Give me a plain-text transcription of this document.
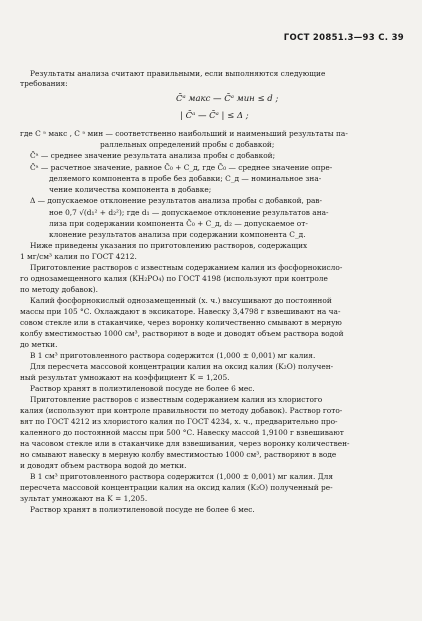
ГОСТ 20851.3—93 С. 39
Результаты анализа считают правильными, если выполняются следующие
требования:
C̄ᵃ макс — C̄ᵃ мин ≤ d ;
| C̄ᵃ — C̄ᵃ | ≤ Δ ;
где C ᵃ макс , C ᵃ мин — соответственно наибольший и наименьший результаты па-
раллельных определений пробы с добавкой;
C̄ᵃ — среднее значение результата анализа пробы с добавкой;
C̄ᵃ — расчетное значение, равное C̄₀ + C_д, где C̄₀ — среднее значение опре-
деляемого компонента в пробе без добавки; C_д — номинальное зна-
чение количества компонента в добавке;
Δ — допускаемое отклонение результатов анализа пробы с добавкой, рав-
ное 0,7 √(d₁² + d₂²); где d₁ — допускаемое отклонение результатов ана-
лиза при содержании компонента C̄₀ + C_д, d₂ — допускаемое от-
клонение результатов анализа при содержании компонента C_д.
Ниже приведены указания по приготовлению растворов, содержащих
1 мг/см³ калия по ГОСТ 4212.
Приготовление растворов с известным содержанием калия из фосфорнокисло-
го однозамещенного калия (KH₂PO₄) по ГОСТ 4198 (используют при контроле
по методу добавок).
Калий фосфорнокислый однозамещенный (х. ч.) высушивают до постоянной
массы при 105 °С. Охлаждают в эксикаторе. Навеску 3,4798 г взвешивают на ча-
совом стекле или в стаканчике, через воронку количественно смывают в мерную
колбу вместимостью 1000 см³, растворяют в воде и доводят объем раствора водой
до метки.
В 1 см³ приготовленного раствора содержится (1,000 ± 0,001) мг калия.
Для пересчета массовой концентрации калия на оксид калия (K₂O) получен-
ный результат умножают на коэффициент K = 1,205.
Раствор хранят в полиэтиленовой посуде не более 6 мес.
Приготовление растворов с известным содержанием калия из хлористого
калия (используют при контроле правильности по методу добавок). Раствор гото-
вят по ГОСТ 4212 из хлористого калия по ГОСТ 4234, х. ч., предварительно про-
каленного до постоянной массы при 500 °С. Навеску массой 1,9100 г взвешивают
на часовом стекле или в стаканчике для взвешивания, через воронку количествен-
но смывают навеску в мерную колбу вместимостью 1000 см³, растворяют в воде
и доводят объем раствора водой до метки.
В 1 см³ приготовленного раствора содержится (1,000 ± 0,001) мг калия. Для
пересчета массовой концентрации калия на оксид калия (K₂O) полученный ре-
зультат умножают на K = 1,205.
Раствор хранят в полиэтиленовой посуде не более 6 мес.
